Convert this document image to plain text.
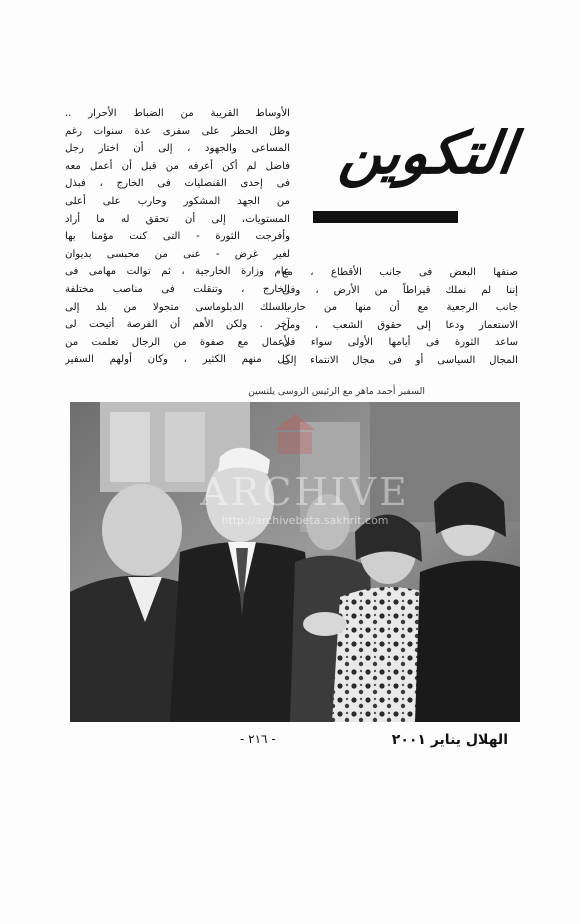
التكوين
الأوساط القريبة من الضباط الأحرار ..
وظل الحظر على سفرى عدة سنوات رغم
المساعى والجهود ، إلى أن اختار رجل
فاضل لم أكن أعرفه من قبل أن أعمل معه
فى إحدى القنصليات فى الخارج ، فبذل
من الجهد المشكور وحارب على أعلى
المستويات، إلى أن تحقق له ما أراد
وأفرجت الثورة - التى كنت مؤمنا بها
لغير غرض - عنى من محبسى بديوان
عام وزارة الخارجية ، ثم توالت مهامى فى
الخارج ، وتنقلت فى مناصب مختلفة
بالسلك الدبلوماسى متجولا من بلد إلى
آخر . ولكن الأهم أن الفرصة أتيحت لى
لأعمال مع صفوة من الرجال تعلمت من
كل منهم الكثير ، وكان أولهم السفير
صنفها البعض فى جانب الأقطاع ، مع
إننا لم نملك قيراطاً من الأرض ، وفى
جانب الرجعية مع أن منها من حارب
الاستعمار ودعا إلى حقوق الشعب ، ومن
ساعد الثورة فى أيامها الأولى سواء فى
المجال السياسى أو فى مجال الانتماء إلى
السفير أحمد ماهر مع الرئيس الروسى يلتسين
ARCHIVE
http://archivebeta.sakhrit.com
الهلال يناير ٢٠٠١
- ٢١٦ -
